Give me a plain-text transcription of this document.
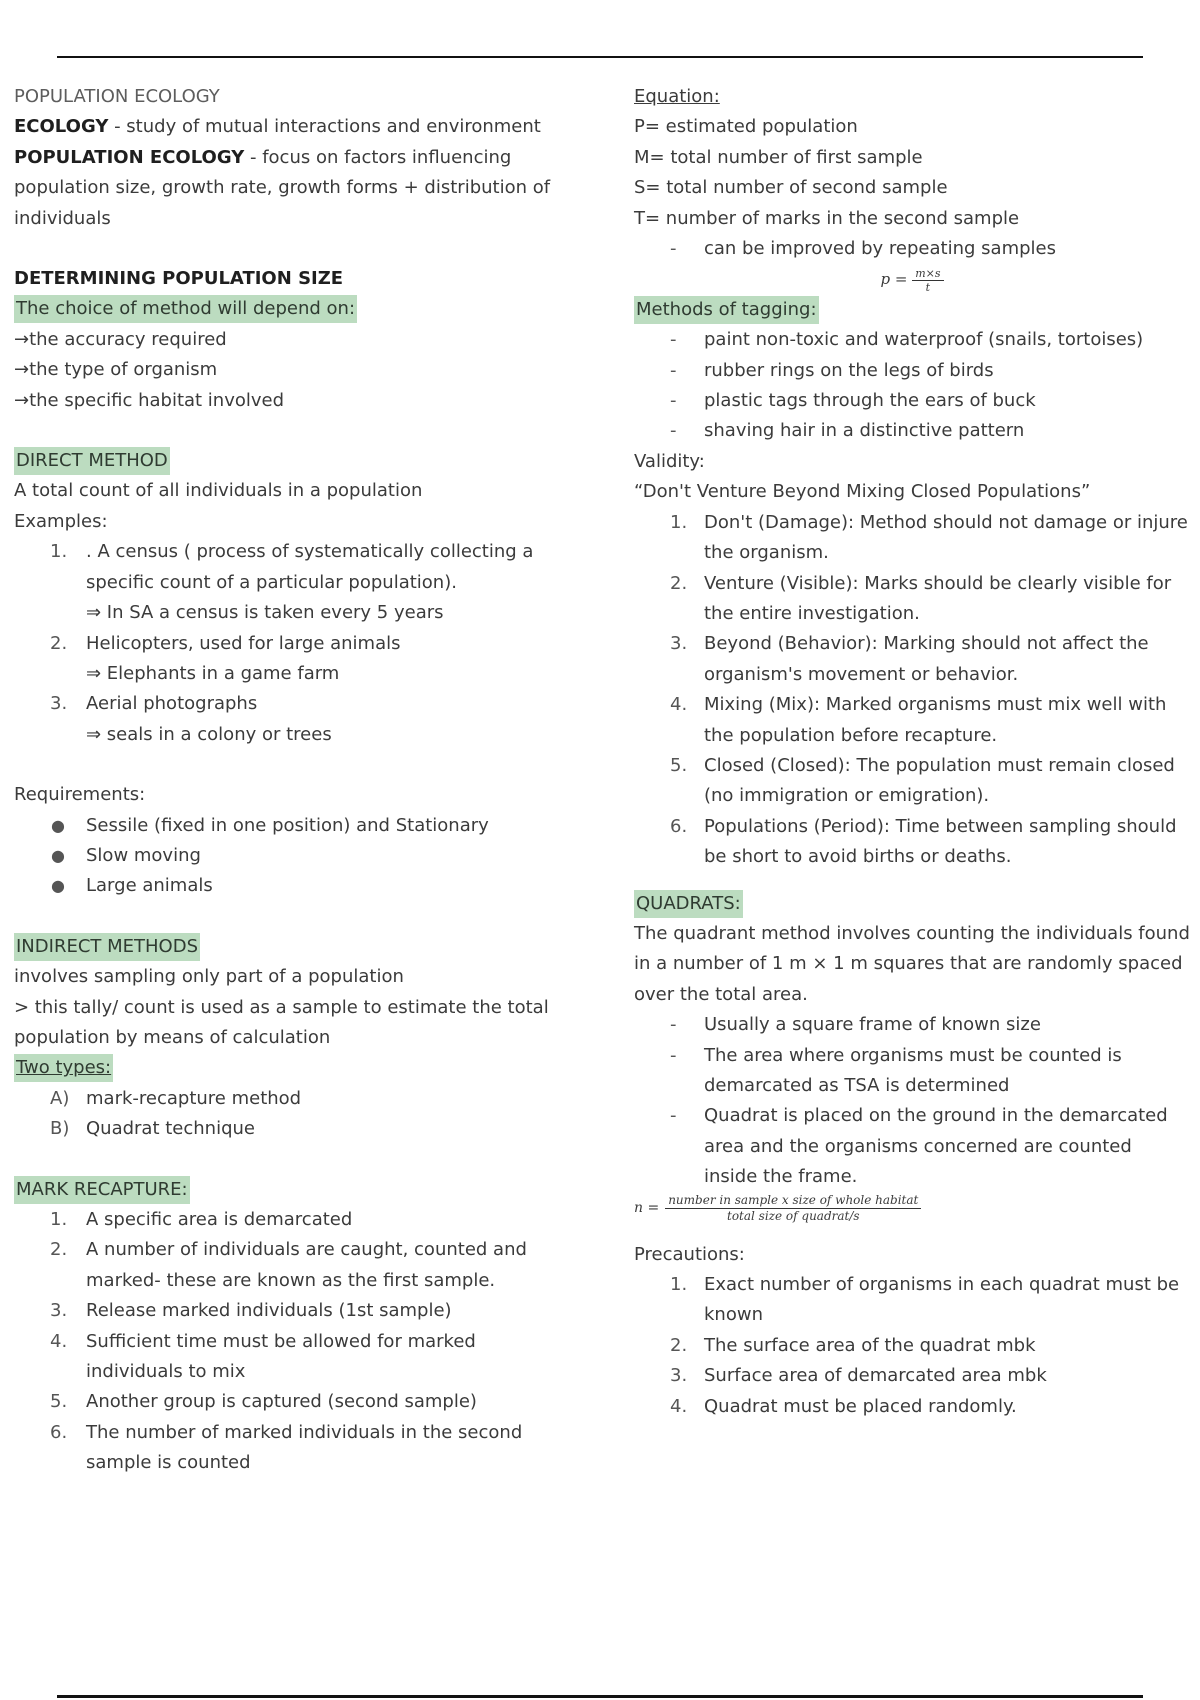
POPULATION ECOLOGY

ECOLOGY - study of mutual interactions and environment

POPULATION ECOLOGY - focus on factors influencing population size, growth rate, growth forms + distribution of individuals

DETERMINING POPULATION SIZE

The choice of method will depend on:

→the accuracy required

→the type of organism

→the specific habitat involved

DIRECT METHOD

A total count of all individuals in a population

Examples:

1. . A census ( process of systematically collecting a specific count of a particular population).

⇒ In SA a census is taken every 5 years

2. Helicopters, used for large animals

⇒ Elephants in a game farm

3. Aerial photographs

⇒ seals in a colony or trees

Requirements:

● Sessile (fixed in one position) and Stationary
● Slow moving
● Large animals

INDIRECT METHODS

involves sampling only part of a population

> this tally/ count is used as a sample to estimate the total population by means of calculation

Two types:

A) mark-recapture method
B) Quadrat technique

MARK RECAPTURE:

1. A specific area is demarcated
2. A number of individuals are caught, counted and marked- these are known as the first sample.
3. Release marked individuals (1st sample)
4. Sufficient time must be allowed for marked individuals to mix
5. Another group is captured (second sample)
6. The number of marked individuals in the second sample is counted

Equation:

P= estimated population

M= total number of first sample

S= total number of second sample

T= number of marks in the second sample

- can be improved by repeating samples
$p = \frac{m\times s}{t}$

Methods of tagging:

- paint non-toxic and waterproof (snails, tortoises)
- rubber rings on the legs of birds
- plastic tags through the ears of buck
- shaving hair in a distinctive pattern

Validity:

“Don't Venture Beyond Mixing Closed Populations”

1. Don't (Damage): Method should not damage or injure the organism.
2. Venture (Visible): Marks should be clearly visible for the entire investigation.
3. Beyond (Behavior): Marking should not affect the organism's movement or behavior.
4. Mixing (Mix): Marked organisms must mix well with the population before recapture.
5. Closed (Closed): The population must remain closed (no immigration or emigration).
6. Populations (Period): Time between sampling should be short to avoid births or deaths.

QUADRATS:

The quadrant method involves counting the individuals found in a number of 1 m × 1 m squares that are randomly spaced over the total area.

- Usually a square frame of known size
- The area where organisms must be counted is demarcated as TSA is determined
- Quadrat is placed on the ground in the demarcated area and the organisms concerned are counted inside the frame.
$n = \frac{\text{number in sample x size of whole habitat}}{\text{total size of quadrat/s}}$

Precautions:

1. Exact number of organisms in each quadrat must be known
2. The surface area of the quadrat mbk
3. Surface area of demarcated area mbk
4. Quadrat must be placed randomly.
